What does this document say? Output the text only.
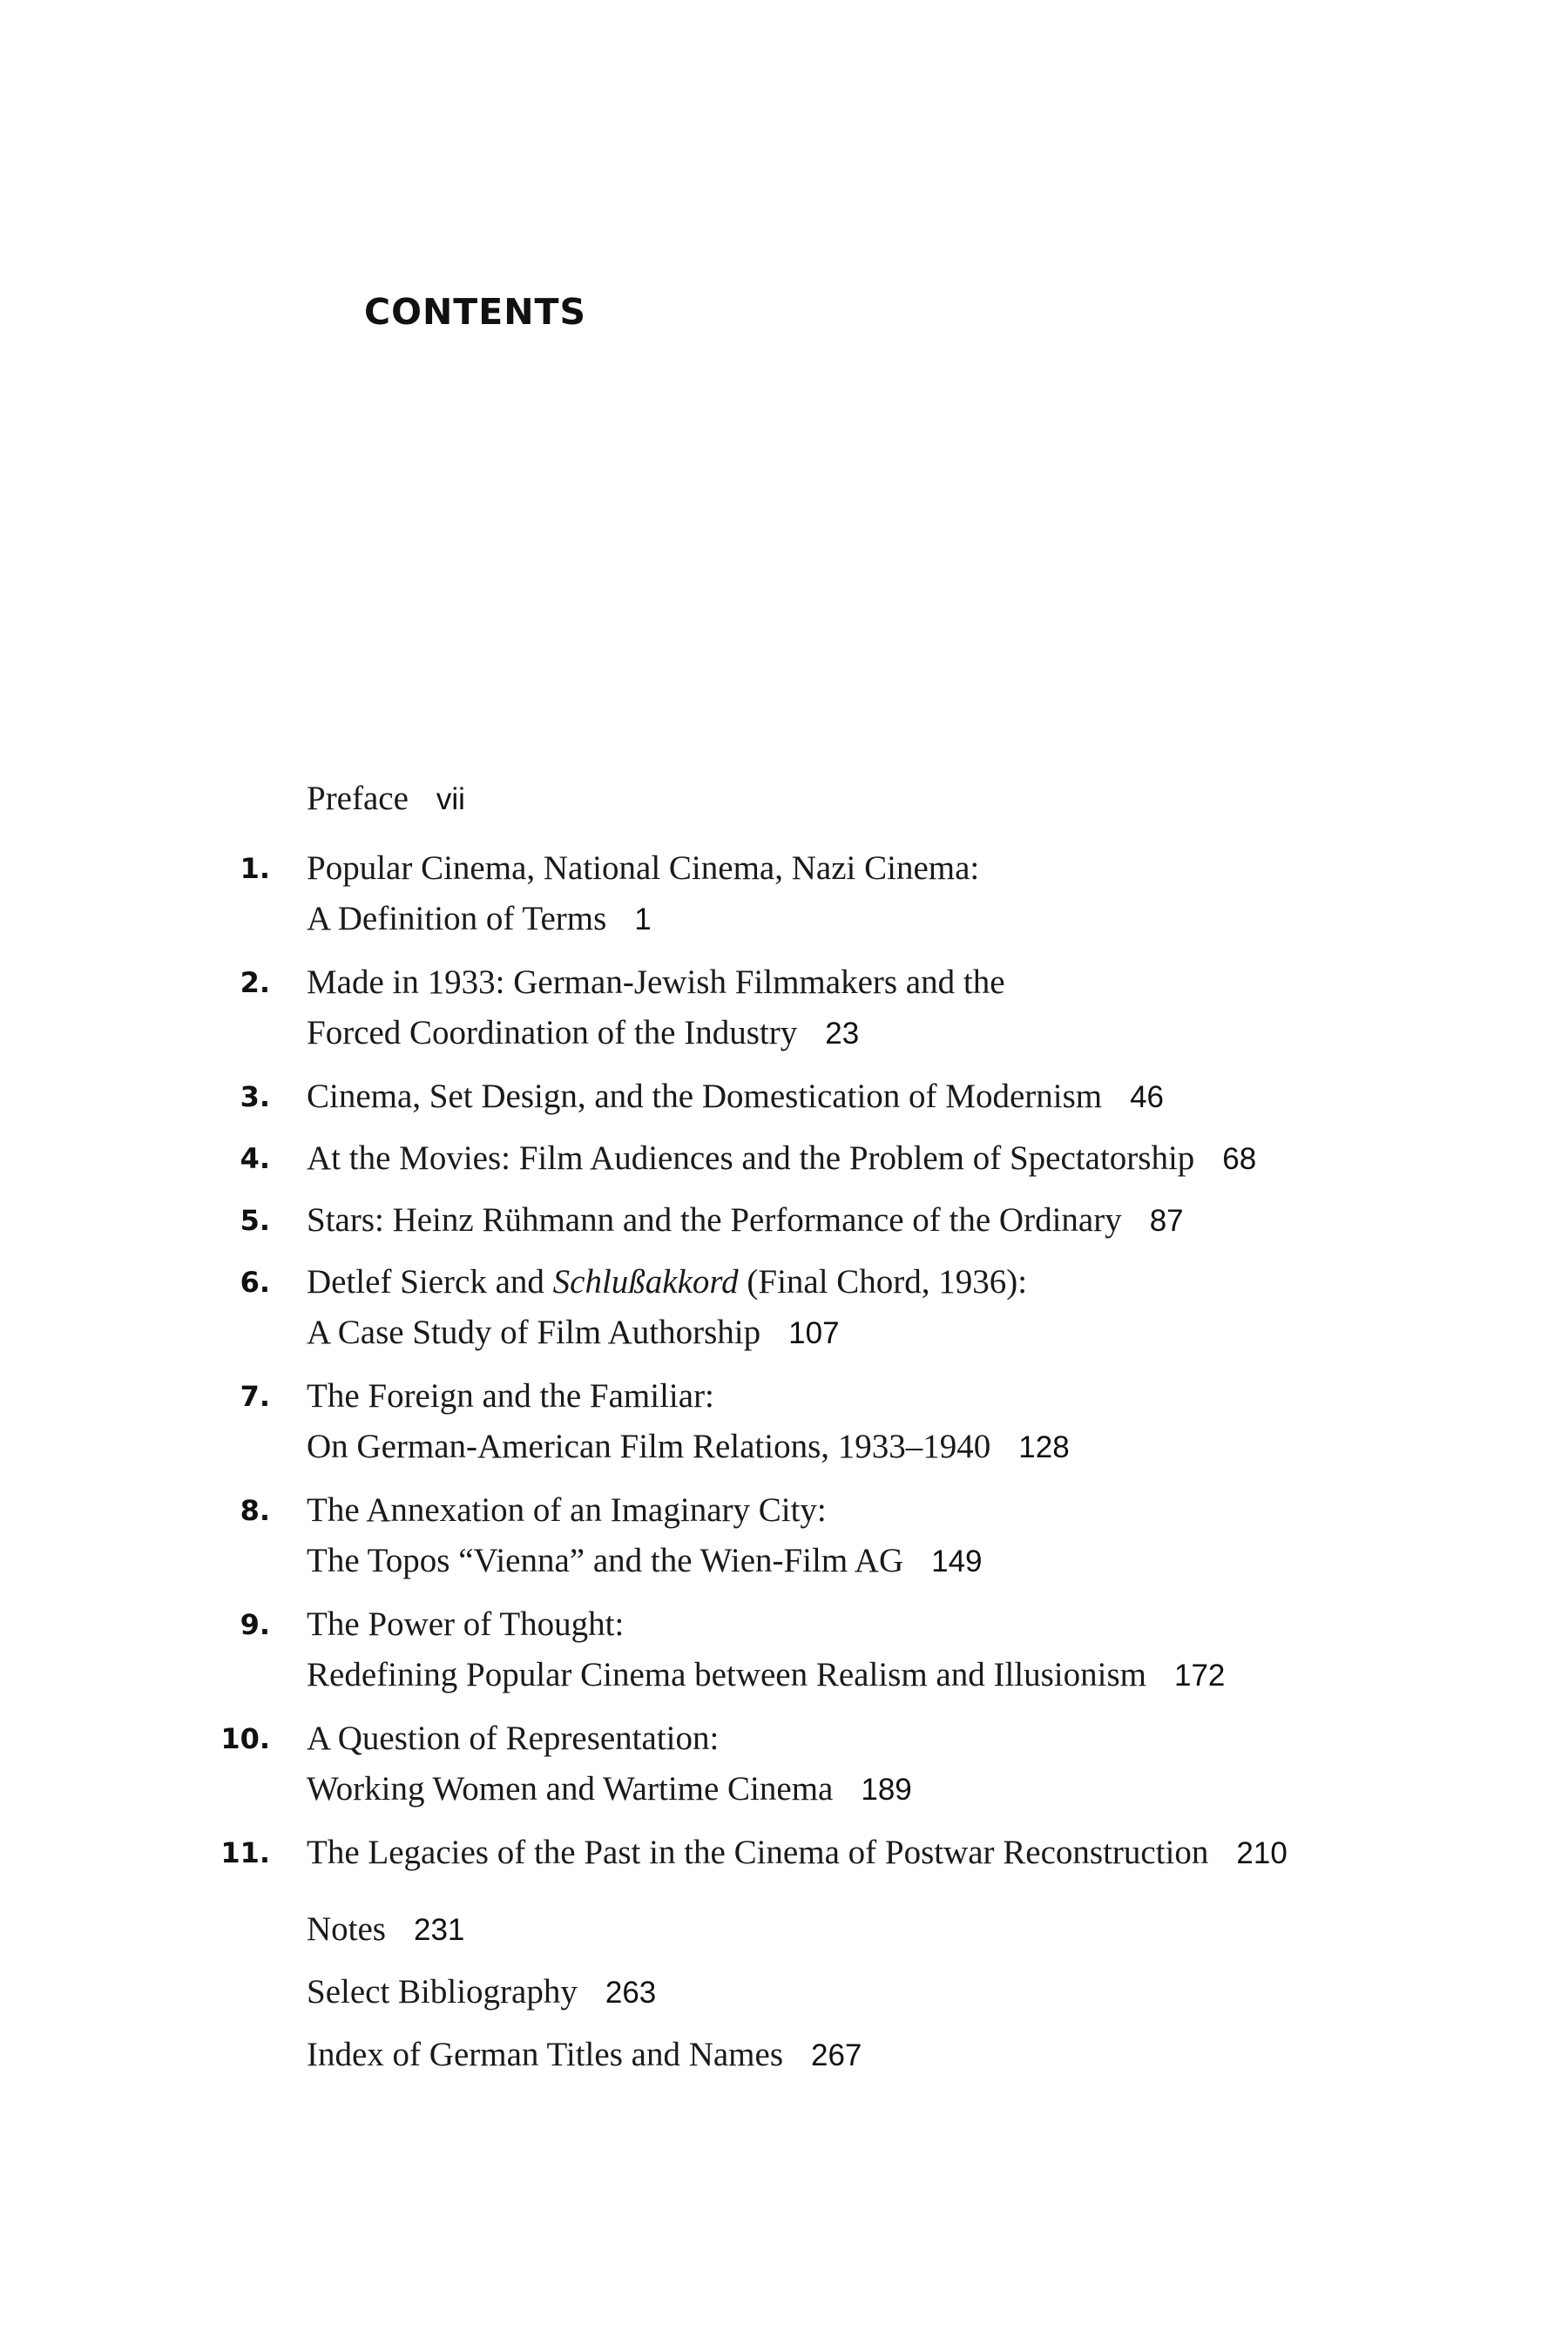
CONTENTS
Preface vii
1. Popular Cinema, National Cinema, Nazi Cinema:
A Definition of Terms 1
2. Made in 1933: German-Jewish Filmmakers and the
Forced Coordination of the Industry 23
3. Cinema, Set Design, and the Domestication of Modernism 46
4. At the Movies: Film Audiences and the Problem of Spectatorship 68
5. Stars: Heinz Rühmann and the Performance of the Ordinary 87
6. Detlef Sierck and Schlußakkord (Final Chord, 1936):
A Case Study of Film Authorship 107
7. The Foreign and the Familiar:
On German-American Film Relations, 1933–1940 128
8. The Annexation of an Imaginary City:
The Topos “Vienna” and the Wien-Film AG 149
9. The Power of Thought:
Redefining Popular Cinema between Realism and Illusionism 172
10. A Question of Representation:
Working Women and Wartime Cinema 189
11. The Legacies of the Past in the Cinema of Postwar Reconstruction 210
Notes 231
Select Bibliography 263
Index of German Titles and Names 267
